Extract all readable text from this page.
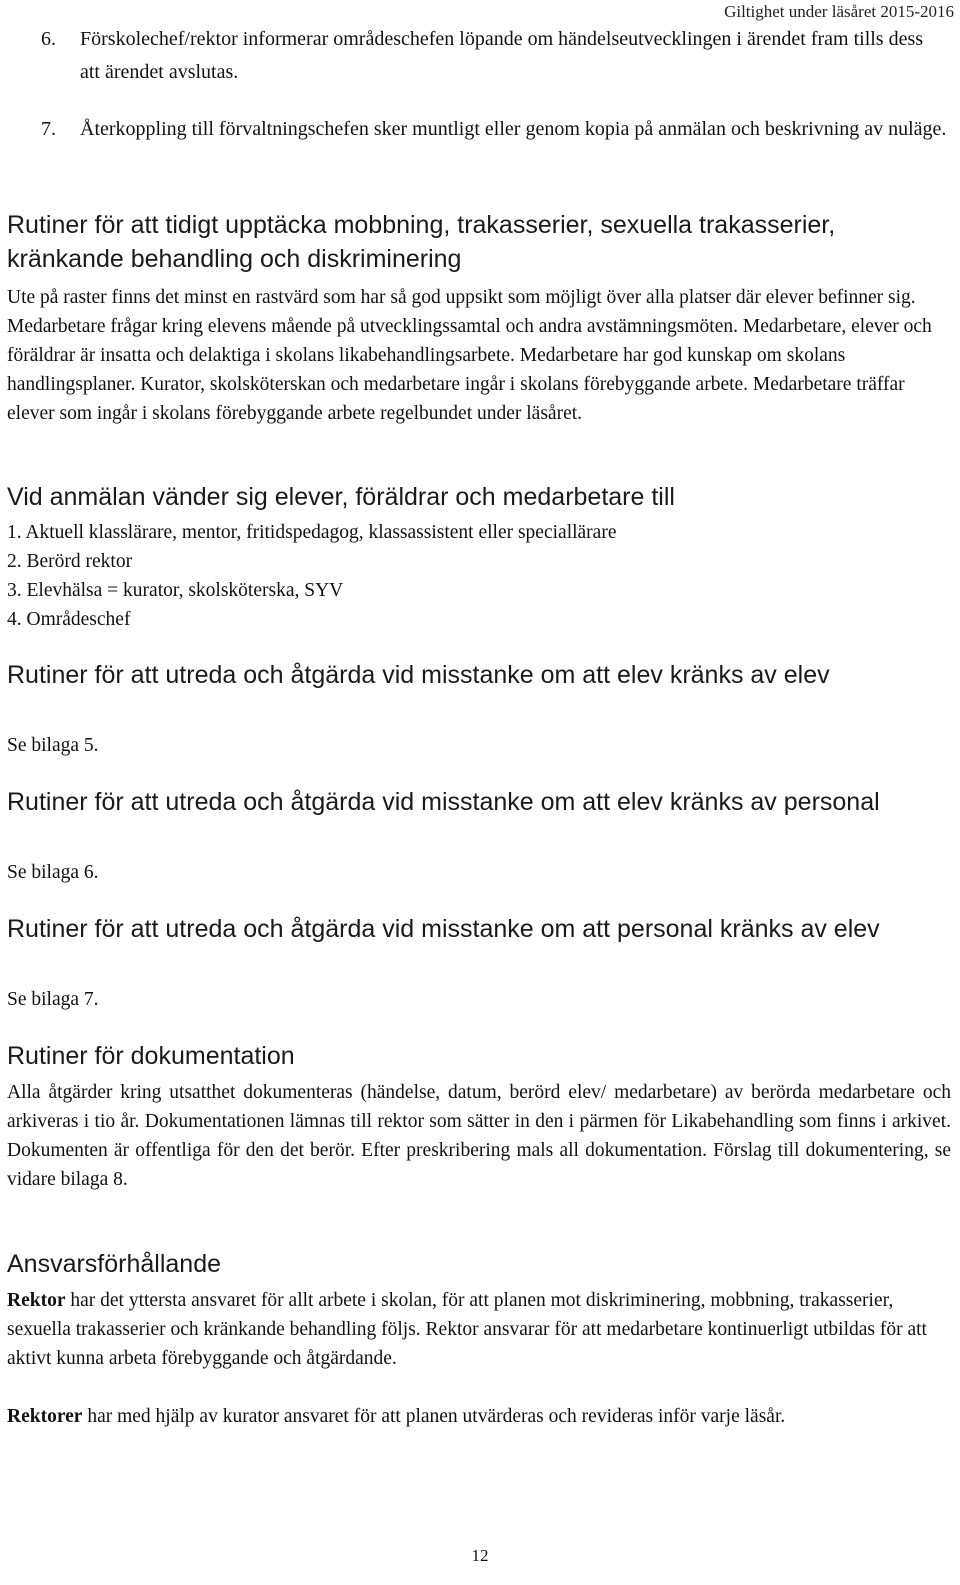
Giltighet under läsåret 2015-2016
6. Förskolechef/rektor informerar områdeschefen löpande om händelseutvecklingen i ärendet fram tills dess att ärendet avslutas.
7. Återkoppling till förvaltningschefen sker muntligt eller genom kopia på anmälan och beskrivning av nuläge.
Rutiner för att tidigt upptäcka mobbning, trakasserier, sexuella trakasserier, kränkande behandling och diskriminering

Ute på raster finns det minst en rastvärd som har så god uppsikt som möjligt över alla platser där elever befinner sig. Medarbetare frågar kring elevens mående på utvecklingssamtal och andra avstämningsmöten. Medarbetare, elever och föräldrar är insatta och delaktiga i skolans likabehandlingsarbete. Medarbetare har god kunskap om skolans handlingsplaner. Kurator, skolsköterskan och medarbetare ingår i skolans förebyggande arbete. Medarbetare träffar elever som ingår i skolans förebyggande arbete regelbundet under läsåret.

Vid anmälan vänder sig elever, föräldrar och medarbetare till
1. Aktuell klasslärare, mentor, fritidspedagog, klassassistent eller speciallärare
2. Berörd rektor
3. Elevhälsa = kurator, skolsköterska, SYV
4. Områdeschef
Rutiner för att utreda och åtgärda vid misstanke om att elev kränks av elev

Se bilaga 5.

Rutiner för att utreda och åtgärda vid misstanke om att elev kränks av personal

Se bilaga 6.

Rutiner för att utreda och åtgärda vid misstanke om att personal kränks av elev

Se bilaga 7.

Rutiner för dokumentation

Alla åtgärder kring utsatthet dokumenteras (händelse, datum, berörd elev/ medarbetare) av berörda medarbetare och arkiveras i tio år. Dokumentationen lämnas till rektor som sätter in den i pärmen för Likabehandling som finns i arkivet. Dokumenten är offentliga för den det berör. Efter preskribering mals all dokumentation. Förslag till dokumentering, se vidare bilaga 8.

Ansvarsförhållande

Rektor har det yttersta ansvaret för allt arbete i skolan, för att planen mot diskriminering, mobbning, trakasserier, sexuella trakasserier och kränkande behandling följs. Rektor ansvarar för att medarbetare kontinuerligt utbildas för att aktivt kunna arbeta förebyggande och åtgärdande.

Rektorer har med hjälp av kurator ansvaret för att planen utvärderas och revideras inför varje läsår.

12
